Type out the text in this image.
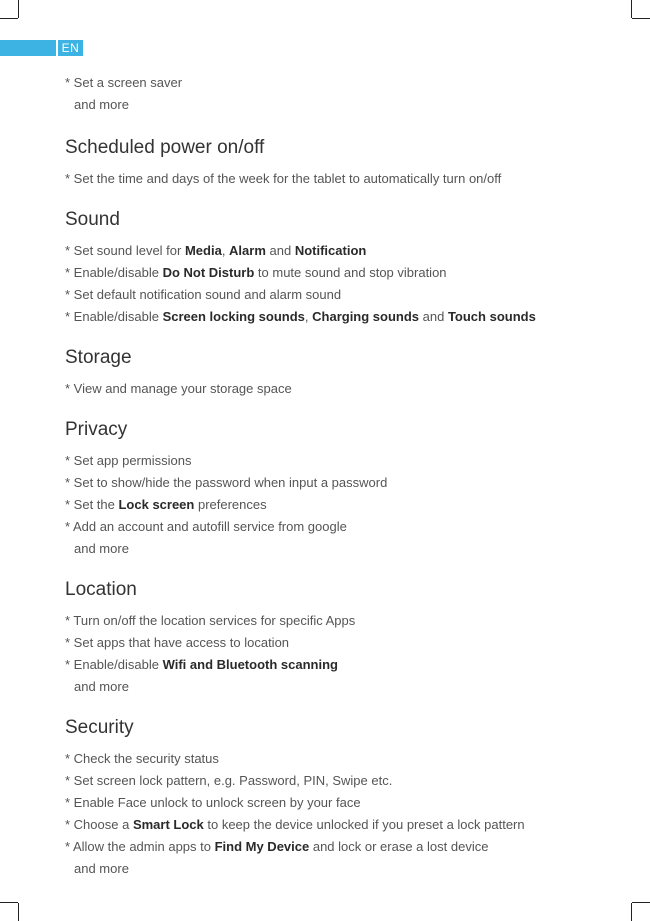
EN
* Set a screen saver
and more
Scheduled power on/off
* Set the time and days of the week for the tablet to automatically turn on/off
Sound
* Set sound level for Media, Alarm and Notification
* Enable/disable Do Not Disturb to mute sound and stop vibration
* Set default notification sound and alarm sound
* Enable/disable Screen locking sounds, Charging sounds and Touch sounds
Storage
* View and manage your storage space
Privacy
* Set app permissions
* Set to show/hide the password when input a password
* Set the Lock screen preferences
* Add an account and autofill service from google
and more
Location
* Turn on/off the location services for specific Apps
* Set apps that have access to location
* Enable/disable Wifi and Bluetooth scanning
and more
Security
* Check the security status
* Set screen lock pattern, e.g. Password, PIN, Swipe etc.
* Enable Face unlock to unlock screen by your face
* Choose a Smart Lock to keep the device unlocked if you preset a lock pattern
* Allow the admin apps to Find My Device and lock or erase a lost device
and more
